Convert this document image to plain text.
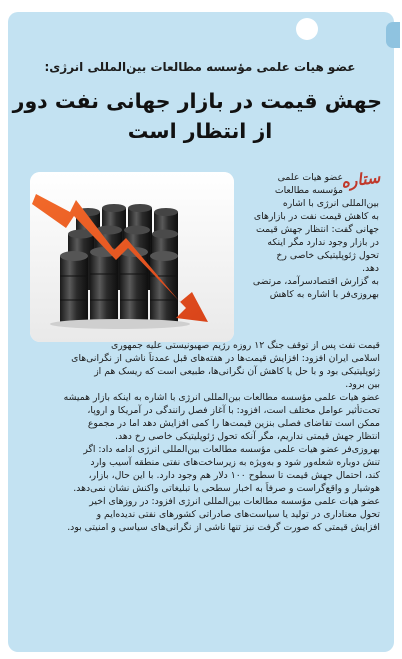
عضو هیات علمی مؤسسه مطالعات بین‌المللی انرژی:
جهش قیمت در بازار جهانی نفت دور
از انتظار است
ستاره
عضو هیات علمی
مؤسسه مطالعات
بین‌المللی انرژی با اشاره
به کاهش قیمت نفت در بازارهای
جهانی گفت: انتظار جهش قیمت
در بازار وجود ندارد مگر اینکه
تحول ژئوپلیتیکی خاصی رخ
دهد.
به گزارش اقتصادسرآمد، مرتضی
بهروزی‌فر با اشاره به کاهش
قیمت نفت پس از توقف جنگ ۱۲ روزه رژیم صهیونیستی علیه جمهوری
اسلامی ایران افزود: افزایش قیمت‌ها در هفته‌های قبل عمدتاً ناشی از نگرانی‌های
ژئوپلیتیکی بود و با حل یا کاهش آن نگرانی‌ها، طبیعی است که ریسک هم از
بین برود.
عضو هیات علمی مؤسسه مطالعات بین‌المللی انرژی با اشاره به اینکه بازار همیشه
تحت‌تأثیر عوامل مختلف است، افزود: با آغاز فصل رانندگی در آمریکا و اروپا،
ممکن است تقاضای فصلی بنزین قیمت‌ها را کمی افزایش دهد اما در مجموع
انتظار جهش قیمتی نداریم، مگر آنکه تحول ژئوپلیتیکی خاصی رخ دهد.
بهروزی‌فر عضو هیات علمی مؤسسه مطالعات بین‌المللی انرژی ادامه داد: اگر
تنش دوباره شعله‌ور شود و به‌ویژه به زیرساخت‌های نفتی منطقه آسیب وارد
کند، احتمال جهش قیمت تا سطوح ۱۰۰ دلار هم وجود دارد. با این حال، بازار،
هوشیار و واقع‌گراست و صرفاً به اخبار سطحی یا تبلیغاتی واکنش نشان نمی‌دهد.
عضو هیات علمی مؤسسه مطالعات بین‌المللی انرژی افزود: در روزهای اخیر
تحول معناداری در تولید یا سیاست‌های صادراتی کشورهای نفتی ندیده‌ایم و
افزایش قیمتی که صورت گرفت نیز تنها ناشی از نگرانی‌های سیاسی و امنیتی بود.
